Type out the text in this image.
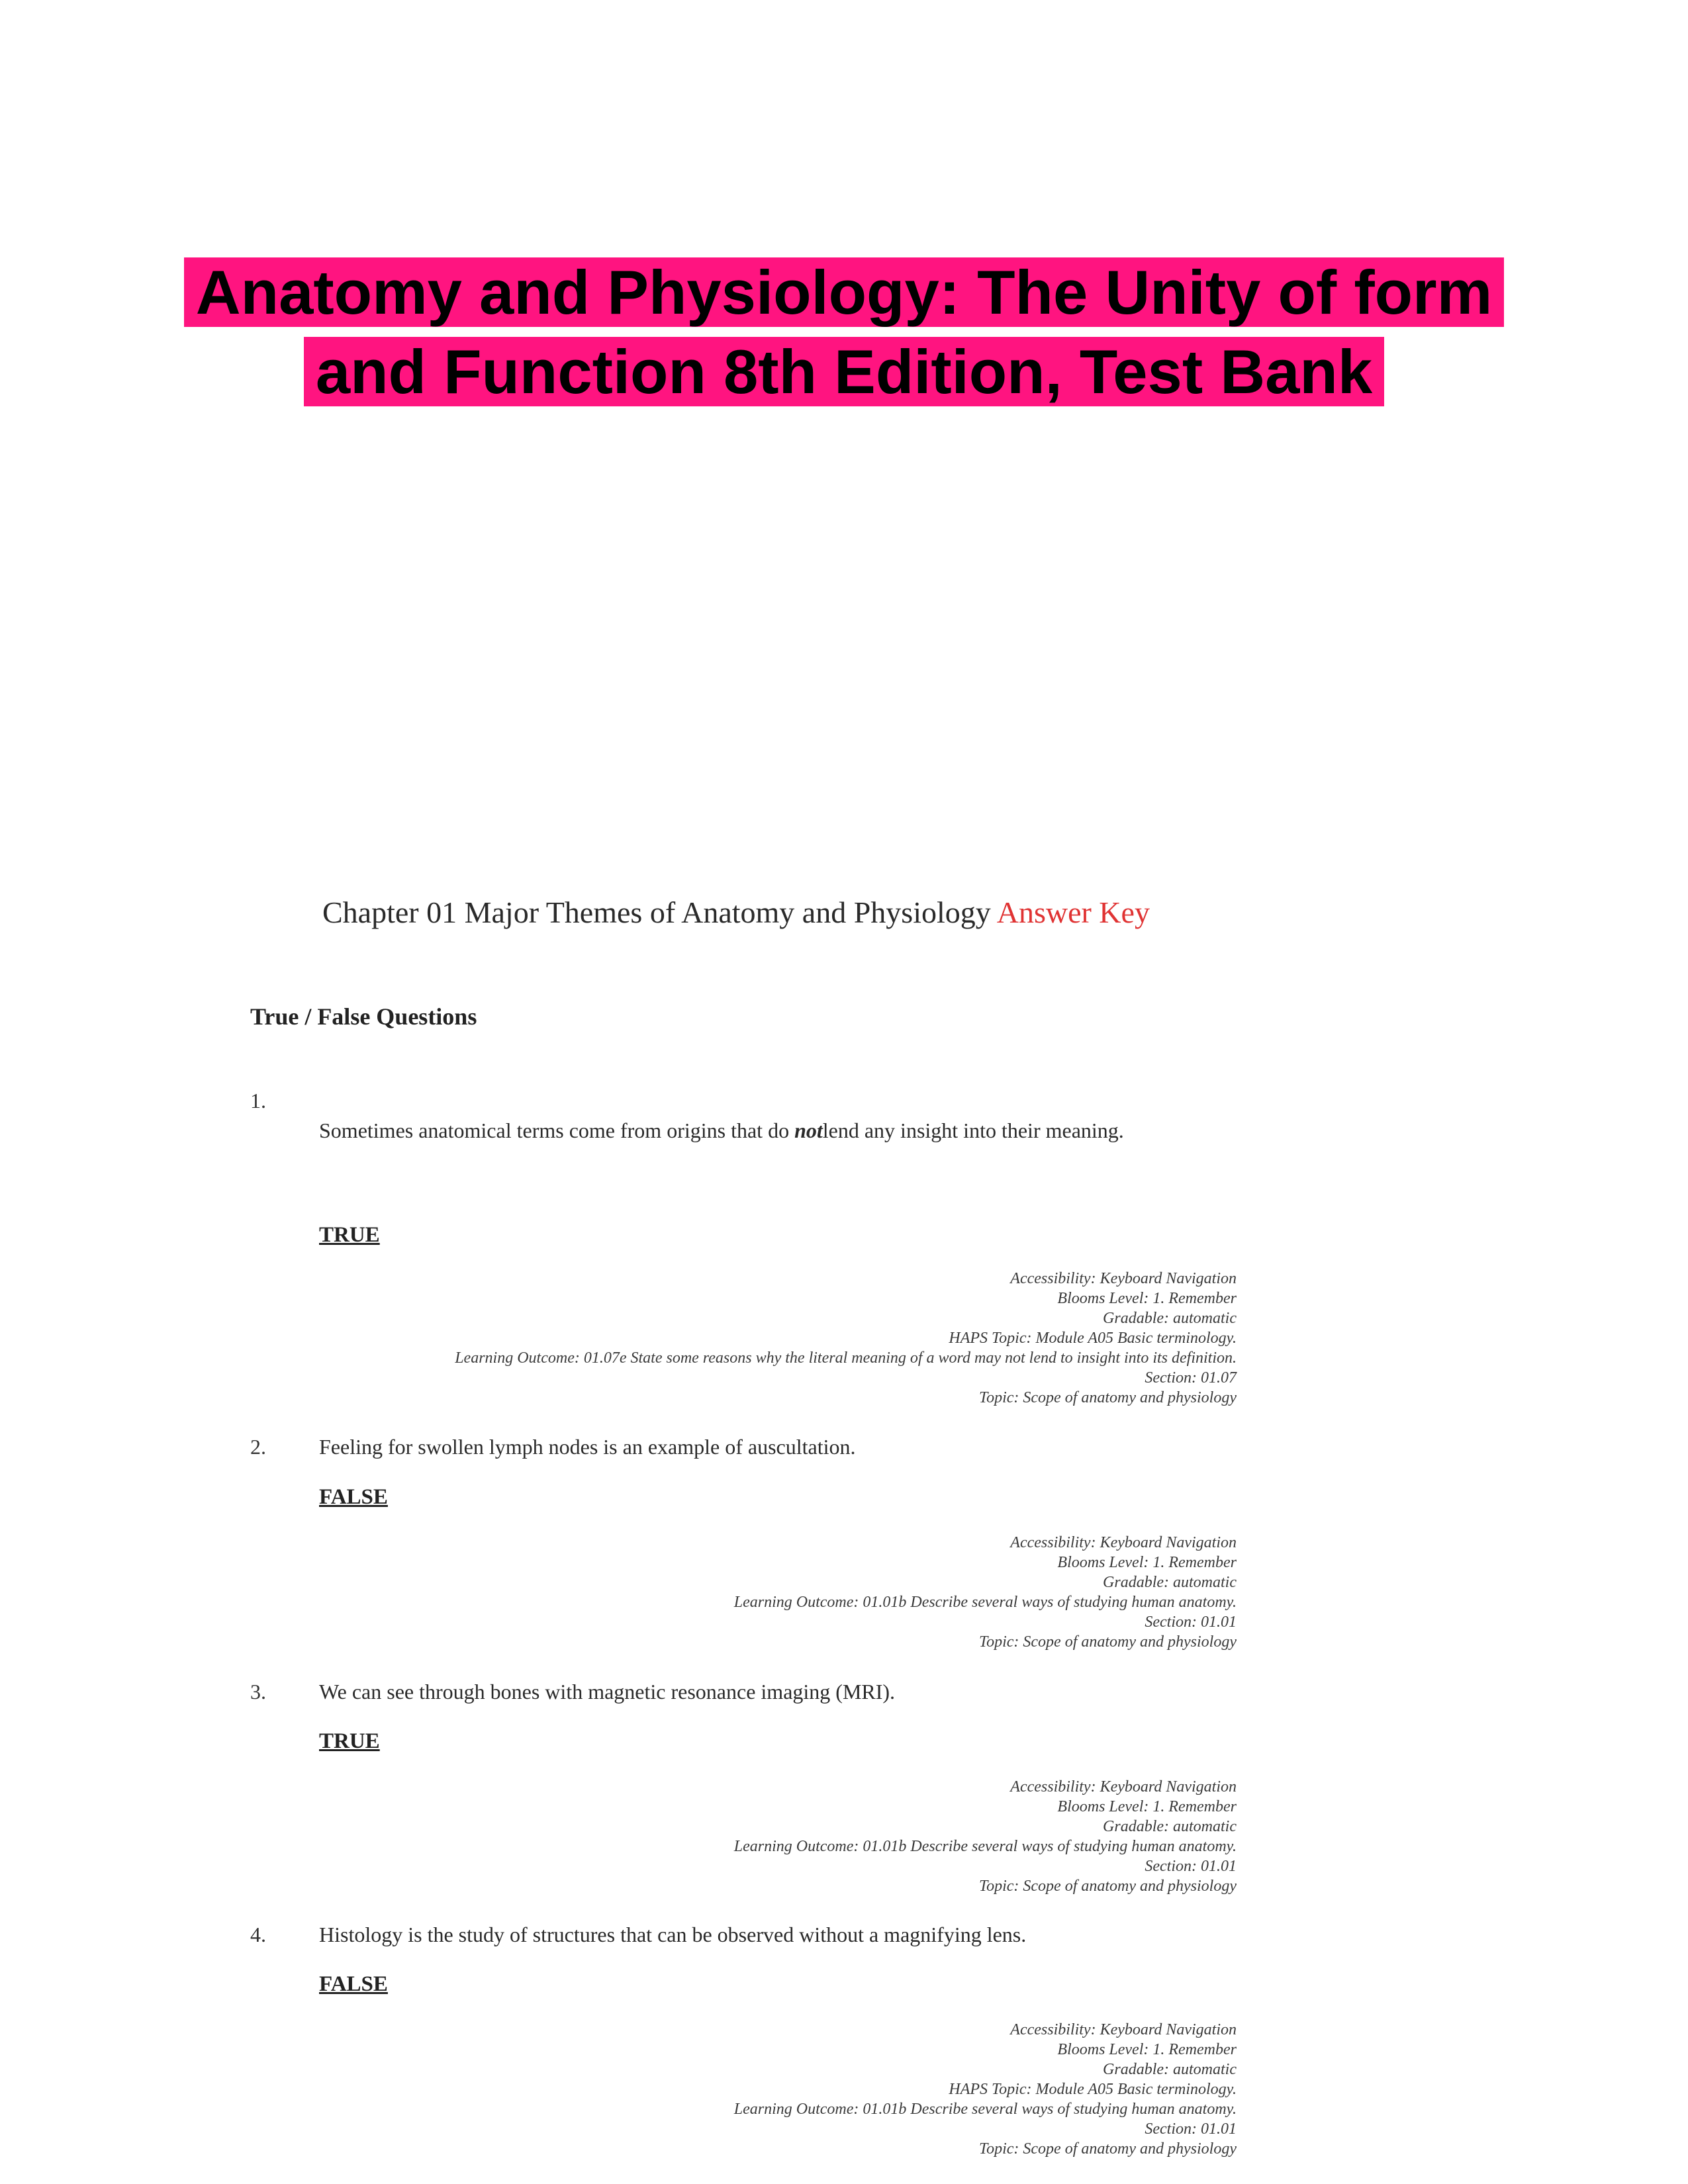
Anatomy and Physiology: The Unity of form
and Function 8th Edition, Test Bank
Chapter 01 Major Themes of Anatomy and Physiology Answer Key
True / False Questions
1.
Sometimes anatomical terms come from origins that do notlend any insight into their meaning.
TRUE
Accessibility: Keyboard Navigation
Blooms Level: 1. Remember
Gradable: automatic
HAPS Topic: Module A05 Basic terminology.
Learning Outcome: 01.07e State some reasons why the literal meaning of a word may not lend to insight into its definition.
Section: 01.07
Topic: Scope of anatomy and physiology
2.	Feeling for swollen lymph nodes is an example of auscultation.
FALSE
Accessibility: Keyboard Navigation
Blooms Level: 1. Remember
Gradable: automatic
Learning Outcome: 01.01b Describe several ways of studying human anatomy.
Section: 01.01
Topic: Scope of anatomy and physiology
3.	We can see through bones with magnetic resonance imaging (MRI).
TRUE
Accessibility: Keyboard Navigation
Blooms Level: 1. Remember
Gradable: automatic
Learning Outcome: 01.01b Describe several ways of studying human anatomy.
Section: 01.01
Topic: Scope of anatomy and physiology
4.	Histology is the study of structures that can be observed without a magnifying lens.
FALSE
Accessibility: Keyboard Navigation
Blooms Level: 1. Remember
Gradable: automatic
HAPS Topic: Module A05 Basic terminology.
Learning Outcome: 01.01b Describe several ways of studying human anatomy.
Section: 01.01
Topic: Scope of anatomy and physiology
